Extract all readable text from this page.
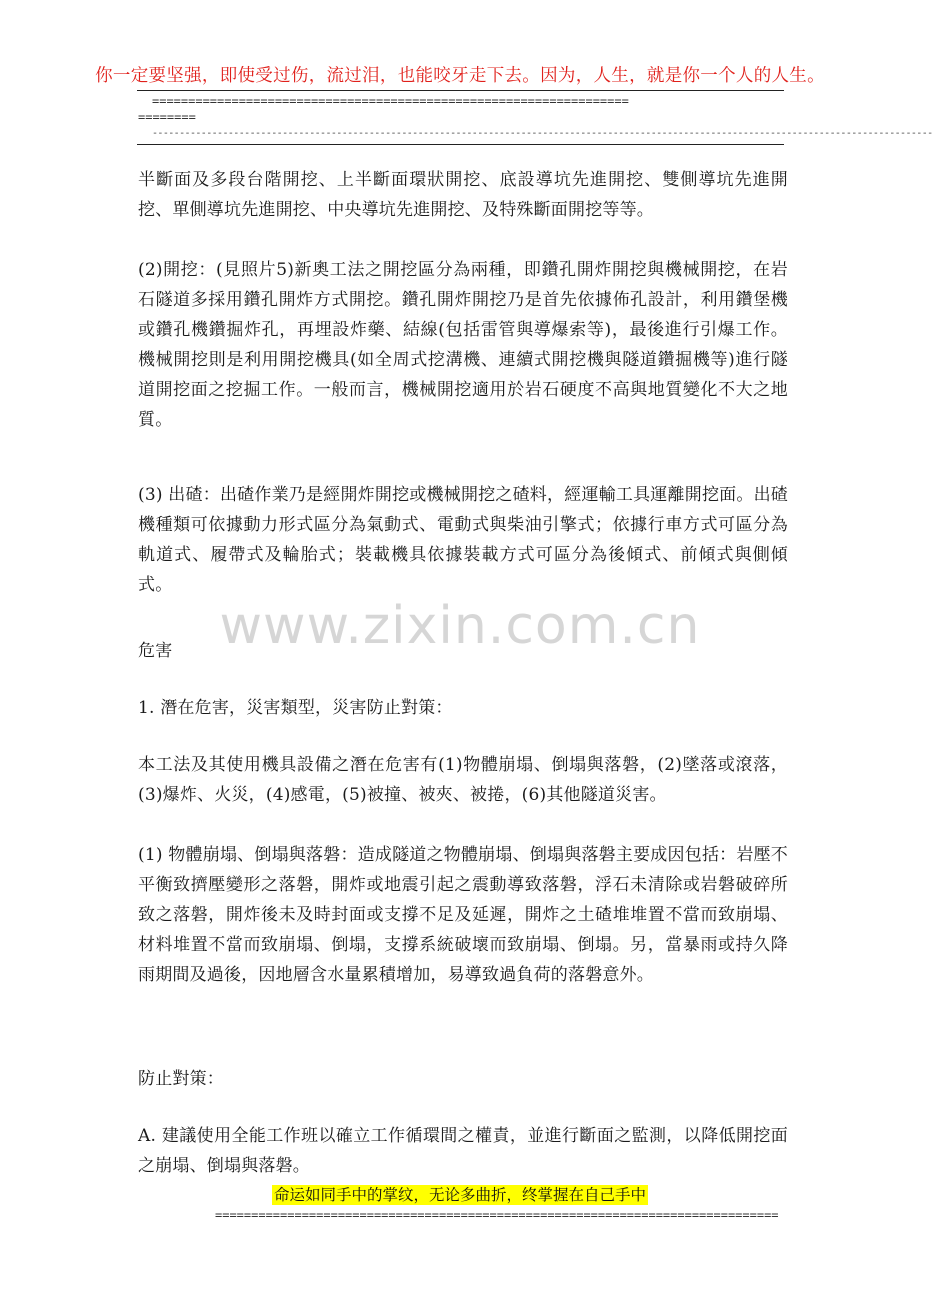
你一定要坚强，即使受过伤，流过泪，也能咬牙走下去。因为，人生，就是你一个人的人生。
==================================================================
========
------------------------------------------------------------------------------------------------------------------------------------------------
www.zixin.com.cn

半斷面及多段台階開挖、上半斷面環狀開挖、底設導坑先進開挖、雙側導坑先進開挖、單側導坑先進開挖、中央導坑先進開挖、及特殊斷面開挖等等。

(2)開挖：(見照片5)新奧工法之開挖區分為兩種，即鑽孔開炸開挖與機械開挖，在岩石隧道多採用鑽孔開炸方式開挖。鑽孔開炸開挖乃是首先依據佈孔設計，利用鑽堡機或鑽孔機鑽掘炸孔，再埋設炸藥、結線(包括雷管與導爆索等)，最後進行引爆工作。機械開挖則是利用開挖機具(如全周式挖溝機、連續式開挖機與隧道鑽掘機等)進行隧道開挖面之挖掘工作。一般而言，機械開挖適用於岩石硬度不高與地質變化不大之地質。

(3) 出碴：出碴作業乃是經開炸開挖或機械開挖之碴料，經運輸工具運離開挖面。出碴機種類可依據動力形式區分為氣動式、電動式與柴油引擎式；依據行車方式可區分為軌道式、履帶式及輪胎式；裝載機具依據裝載方式可區分為後傾式、前傾式與側傾式。

危害

1. 潛在危害，災害類型，災害防止對策：

本工法及其使用機具設備之潛在危害有(1)物體崩塌、倒塌與落磐，(2)墜落或滾落，(3)爆炸、火災，(4)感電，(5)被撞、被夾、被捲，(6)其他隧道災害。

(1) 物體崩塌、倒塌與落磐：造成隧道之物體崩塌、倒塌與落磐主要成因包括：岩壓不平衡致擠壓變形之落磐，開炸或地震引起之震動導致落磐，浮石未清除或岩磐破碎所致之落磐，開炸後未及時封面或支撐不足及延遲，開炸之土碴堆堆置不當而致崩塌、材料堆置不當而致崩塌、倒塌，支撐系統破壞而致崩塌、倒塌。另，當暴雨或持久降雨期間及過後，因地層含水量累積增加，易導致過負荷的落磐意外。

防止對策：

A. 建議使用全能工作班以確立工作循環間之權責，並進行斷面之監測，以降低開挖面之崩塌、倒塌與落磐。

命运如同手中的掌纹，无论多曲折，终掌握在自己手中
==============================================================================
